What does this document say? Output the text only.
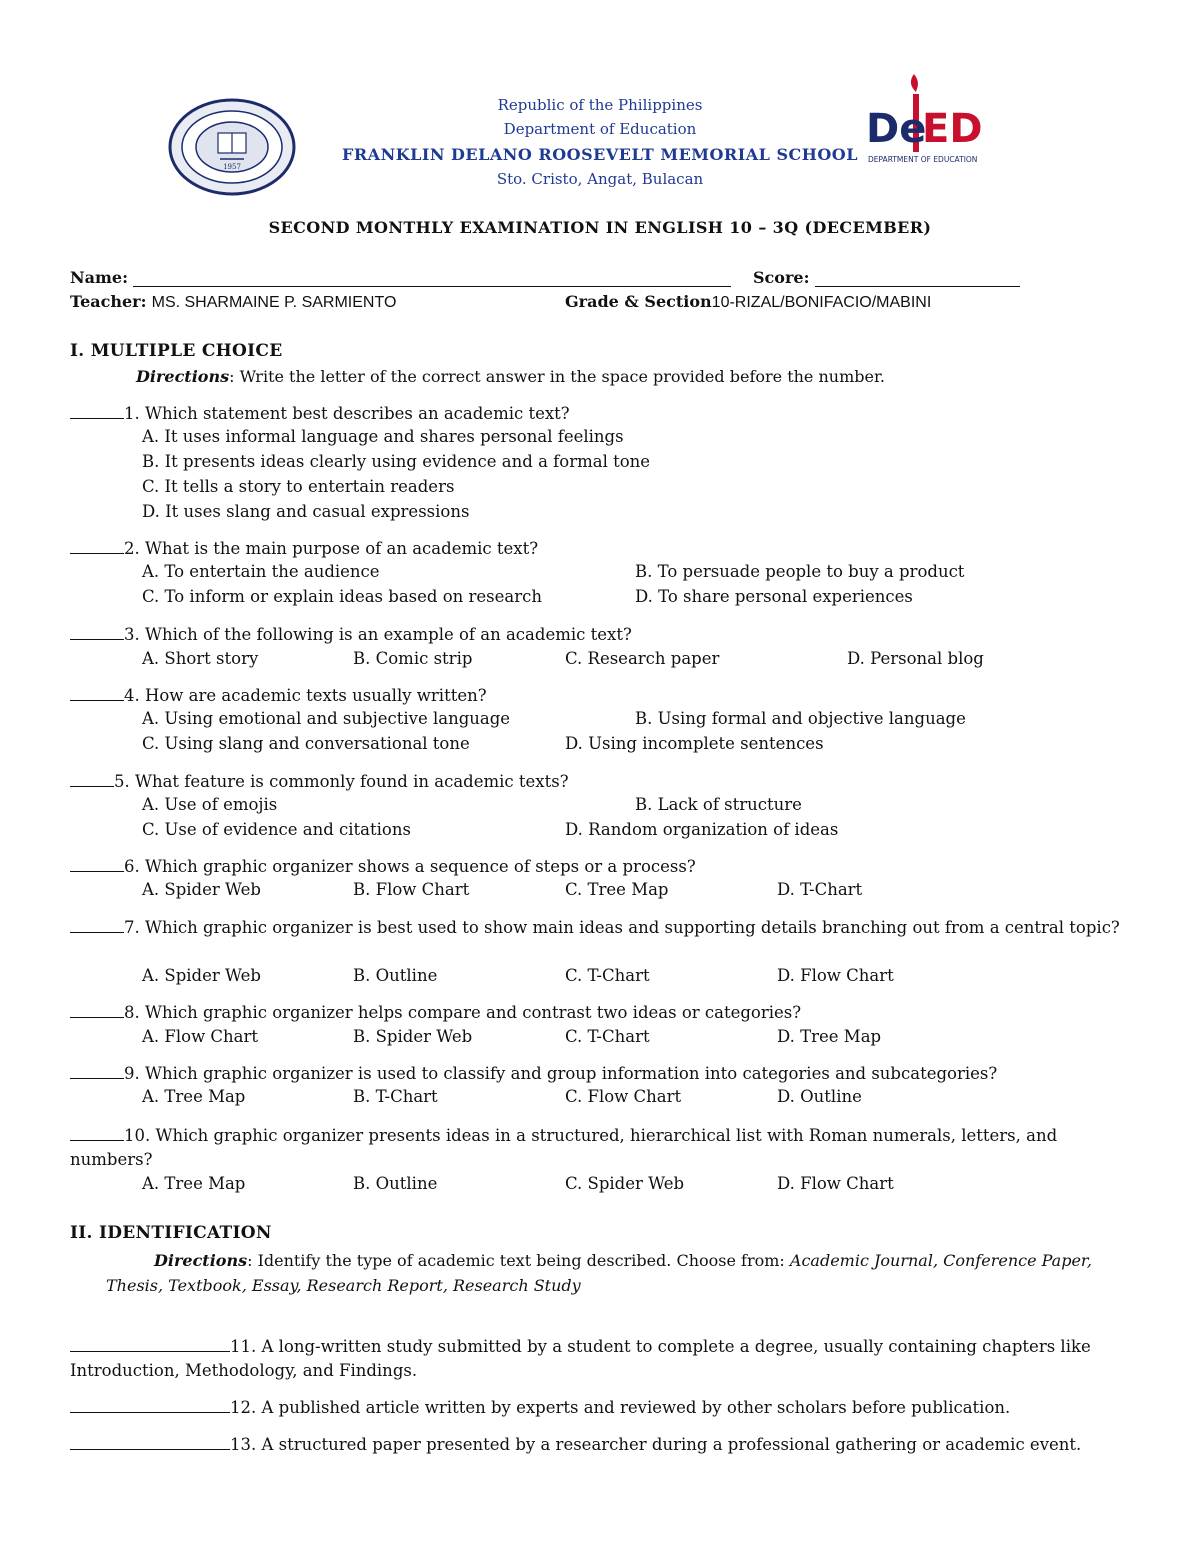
1957
Republic of the Philippines
Department of Education
FRANKLIN DELANO ROOSEVELT MEMORIAL SCHOOL
Sto. Cristo, Angat, Bulacan
De
ED
DEPARTMENT OF EDUCATION
SECOND MONTHLY EXAMINATION IN ENGLISH 10 – 3Q (DECEMBER)
Name:	Score:
Teacher: MS. SHARMAINE P. SARMIENTO	Grade & Section10-RIZAL/BONIFACIO/MABINI
I. MULTIPLE CHOICE
Directions: Write the letter of the correct answer in the space provided before the number.
1. Which statement best describes an academic text?
A. It uses informal language and shares personal feelings
B. It presents ideas clearly using evidence and a formal tone
C. It tells a story to entertain readers
D. It uses slang and casual expressions
2. What is the main purpose of an academic text?
A. To entertain the audience	B. To persuade people to buy a product
C. To inform or explain ideas based on research	D. To share personal experiences
3. Which of the following is an example of an academic text?
A. Short story	B. Comic strip	C. Research paper	D. Personal blog
4. How are academic texts usually written?
A. Using emotional and subjective language	B. Using formal and objective language
C. Using slang and conversational tone	D. Using incomplete sentences
5. What feature is commonly found in academic texts?
A. Use of emojis	B. Lack of structure
C. Use of evidence and citations	D. Random organization of ideas
6. Which graphic organizer shows a sequence of steps or a process?
A. Spider Web	B. Flow Chart	C. Tree Map	D. T-Chart
7. Which graphic organizer is best used to show main ideas and supporting details branching out from a central topic?
A. Spider Web	B. Outline	C. T-Chart	D. Flow Chart
8. Which graphic organizer helps compare and contrast two ideas or categories?
A. Flow Chart	B. Spider Web	C. T-Chart	D. Tree Map
9. Which graphic organizer is used to classify and group information into categories and subcategories?
A. Tree Map	B. T-Chart	C. Flow Chart	D. Outline
10. Which graphic organizer presents ideas in a structured, hierarchical list with Roman numerals, letters, and numbers?
A. Tree Map	B. Outline	C. Spider Web	D. Flow Chart
II. IDENTIFICATION
Directions: Identify the type of academic text being described. Choose from: Academic Journal, Conference Paper, Thesis, Textbook, Essay, Research Report, Research Study
11. A long-written study submitted by a student to complete a degree, usually containing chapters like Introduction, Methodology, and Findings.
12. A published article written by experts and reviewed by other scholars before publication.
13. A structured paper presented by a researcher during a professional gathering or academic event.
